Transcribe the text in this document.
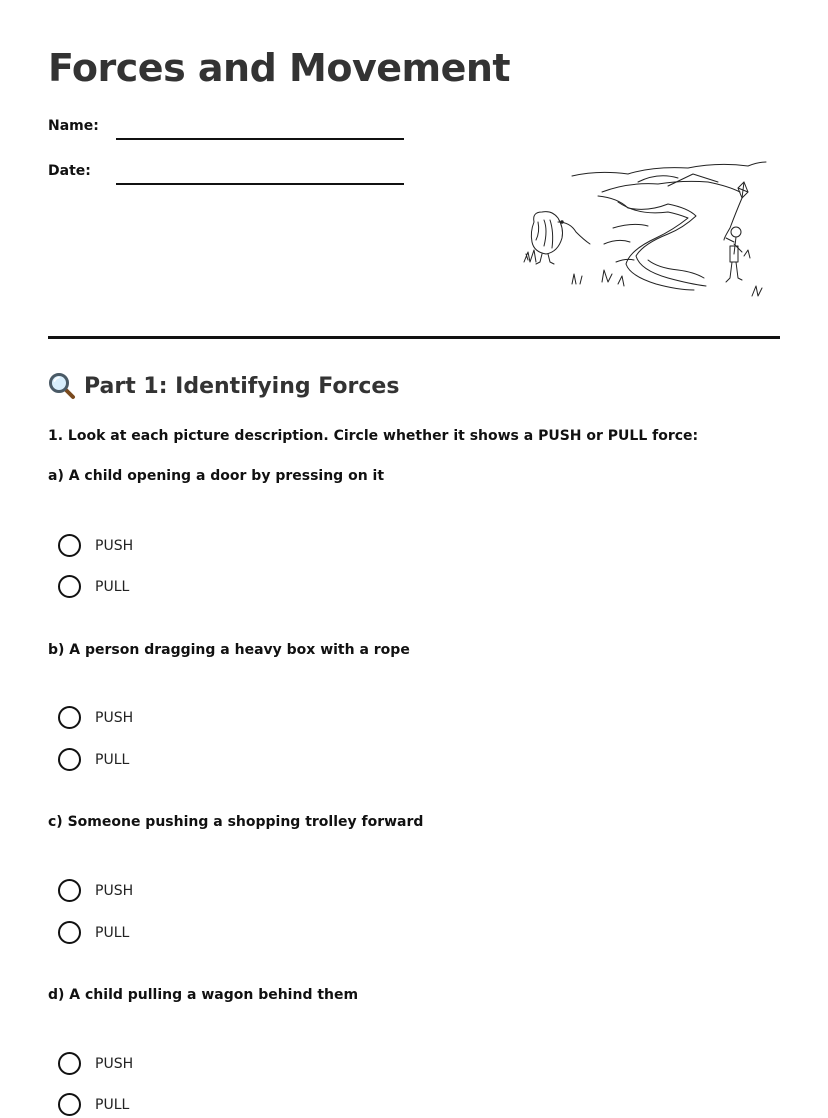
Forces and Movement
Name:
Date:
Part 1: Identifying Forces
1. Look at each picture description. Circle whether it shows a PUSH or PULL force:
a) A child opening a door by pressing on it
PUSH
PULL
b) A person dragging a heavy box with a rope
PUSH
PULL
c) Someone pushing a shopping trolley forward
PUSH
PULL
d) A child pulling a wagon behind them
PUSH
PULL
